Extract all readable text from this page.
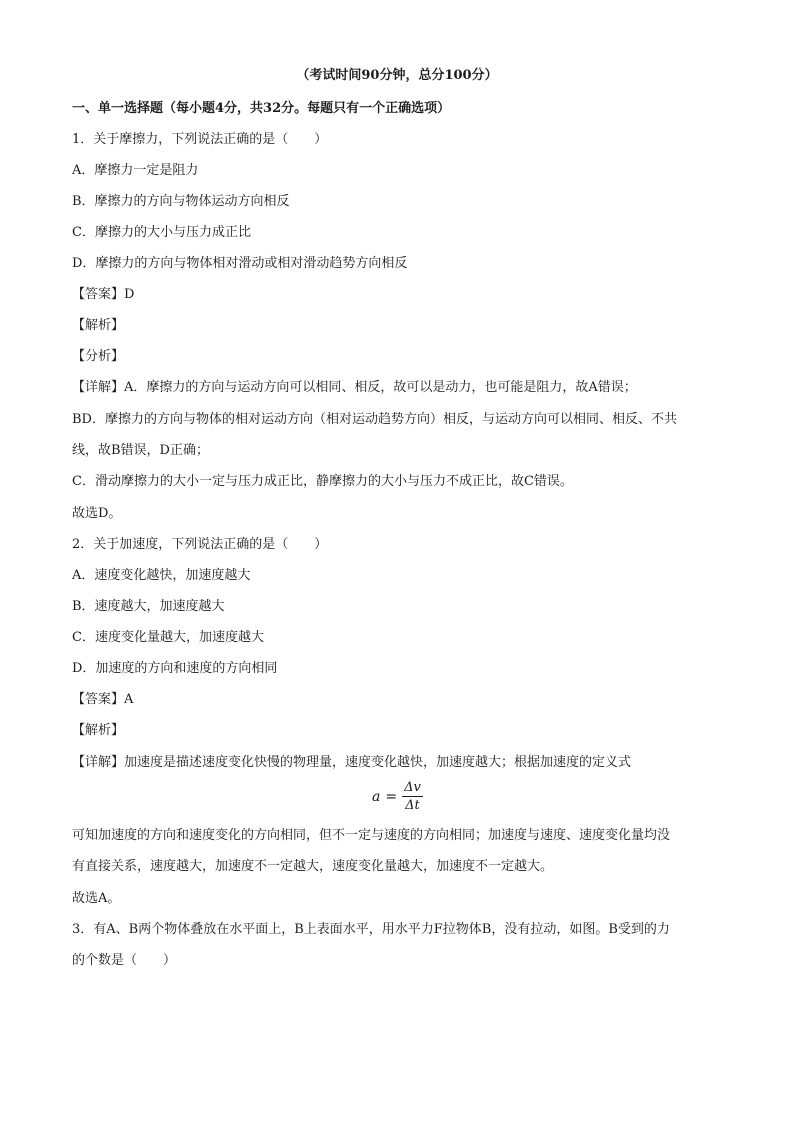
（考试时间90分钟，总分100分）
一、单一选择题（每小题4分，共32分。每题只有一个正确选项）
1．关于摩擦力，下列说法正确的是（　　）
A．摩擦力一定是阻力
B．摩擦力的方向与物体运动方向相反
C．摩擦力的大小与压力成正比
D．摩擦力的方向与物体相对滑动或相对滑动趋势方向相反
【答案】D
【解析】
【分析】
【详解】A．摩擦力的方向与运动方向可以相同、相反，故可以是动力，也可能是阻力，故A错误；
BD．摩擦力的方向与物体的相对运动方向（相对运动趋势方向）相反，与运动方向可以相同、相反、不共
线，故B错误，D正确；
C．滑动摩擦力的大小一定与压力成正比，静摩擦力的大小与压力不成正比，故C错误。
故选D。
2．关于加速度，下列说法正确的是（　　）
A．速度变化越快，加速度越大
B．速度越大，加速度越大
C．速度变化量越大，加速度越大
D．加速度的方向和速度的方向相同
【答案】A
【解析】
【详解】加速度是描述速度变化快慢的物理量，速度变化越快，加速度越大；根据加速度的定义式
$a = \frac{\Delta v}{\Delta t}$
可知加速度的方向和速度变化的方向相同，但不一定与速度的方向相同；加速度与速度、速度变化量均没
有直接关系，速度越大，加速度不一定越大，速度变化量越大，加速度不一定越大。
故选A。
3．有A、B两个物体叠放在水平面上，B上表面水平，用水平力F拉物体B，没有拉动，如图。B受到的力
的个数是（　　）
